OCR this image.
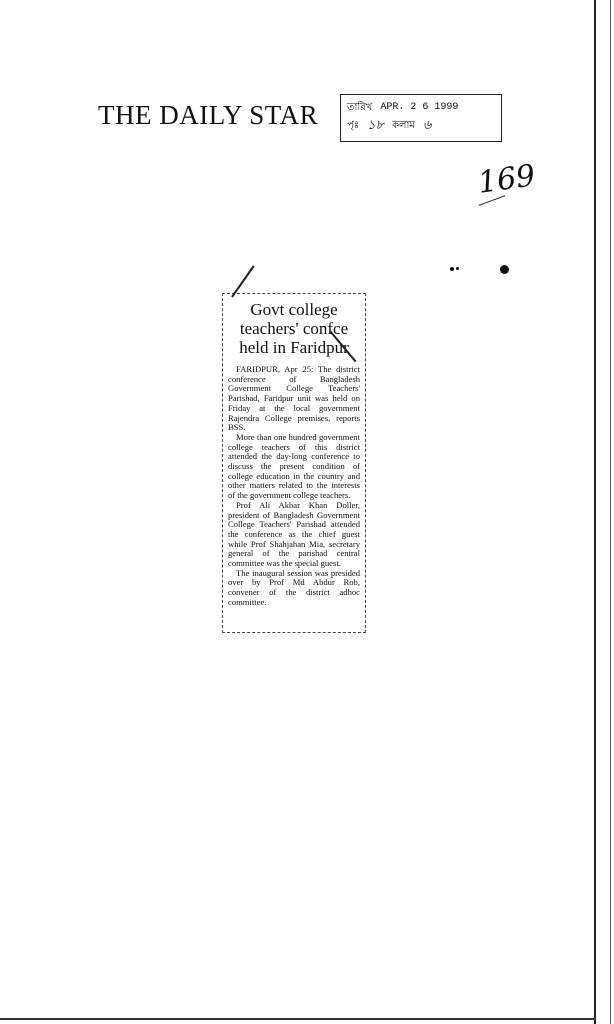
THE DAILY STAR	তারিখ APR. 2 6 1999
পৃঃ ১৮ কলাম ৬
169
Govt college
teachers' confce
held in Faridpur

FARIDPUR, Apr 25: The district conference of Bangladesh Government College Teachers' Parishad, Faridpur unit was held on Friday at the local government Rajendra College premises, reports BSS.

More than one hundred government college teachers of this district attended the day-long conference to discuss the present condition of college education in the country and other matters related to the interests of the government college teachers.

Prof Ali Akbar Khan Doller, president of Bangladesh Government College Teachers' Parishad attended the conference as the chief guest while Prof Shahjahan Mia, secretary general of the parishad central committee was the special guest.

The inaugural session was presided over by Prof Md Abdur Rob, convener of the district adhoc committee.
